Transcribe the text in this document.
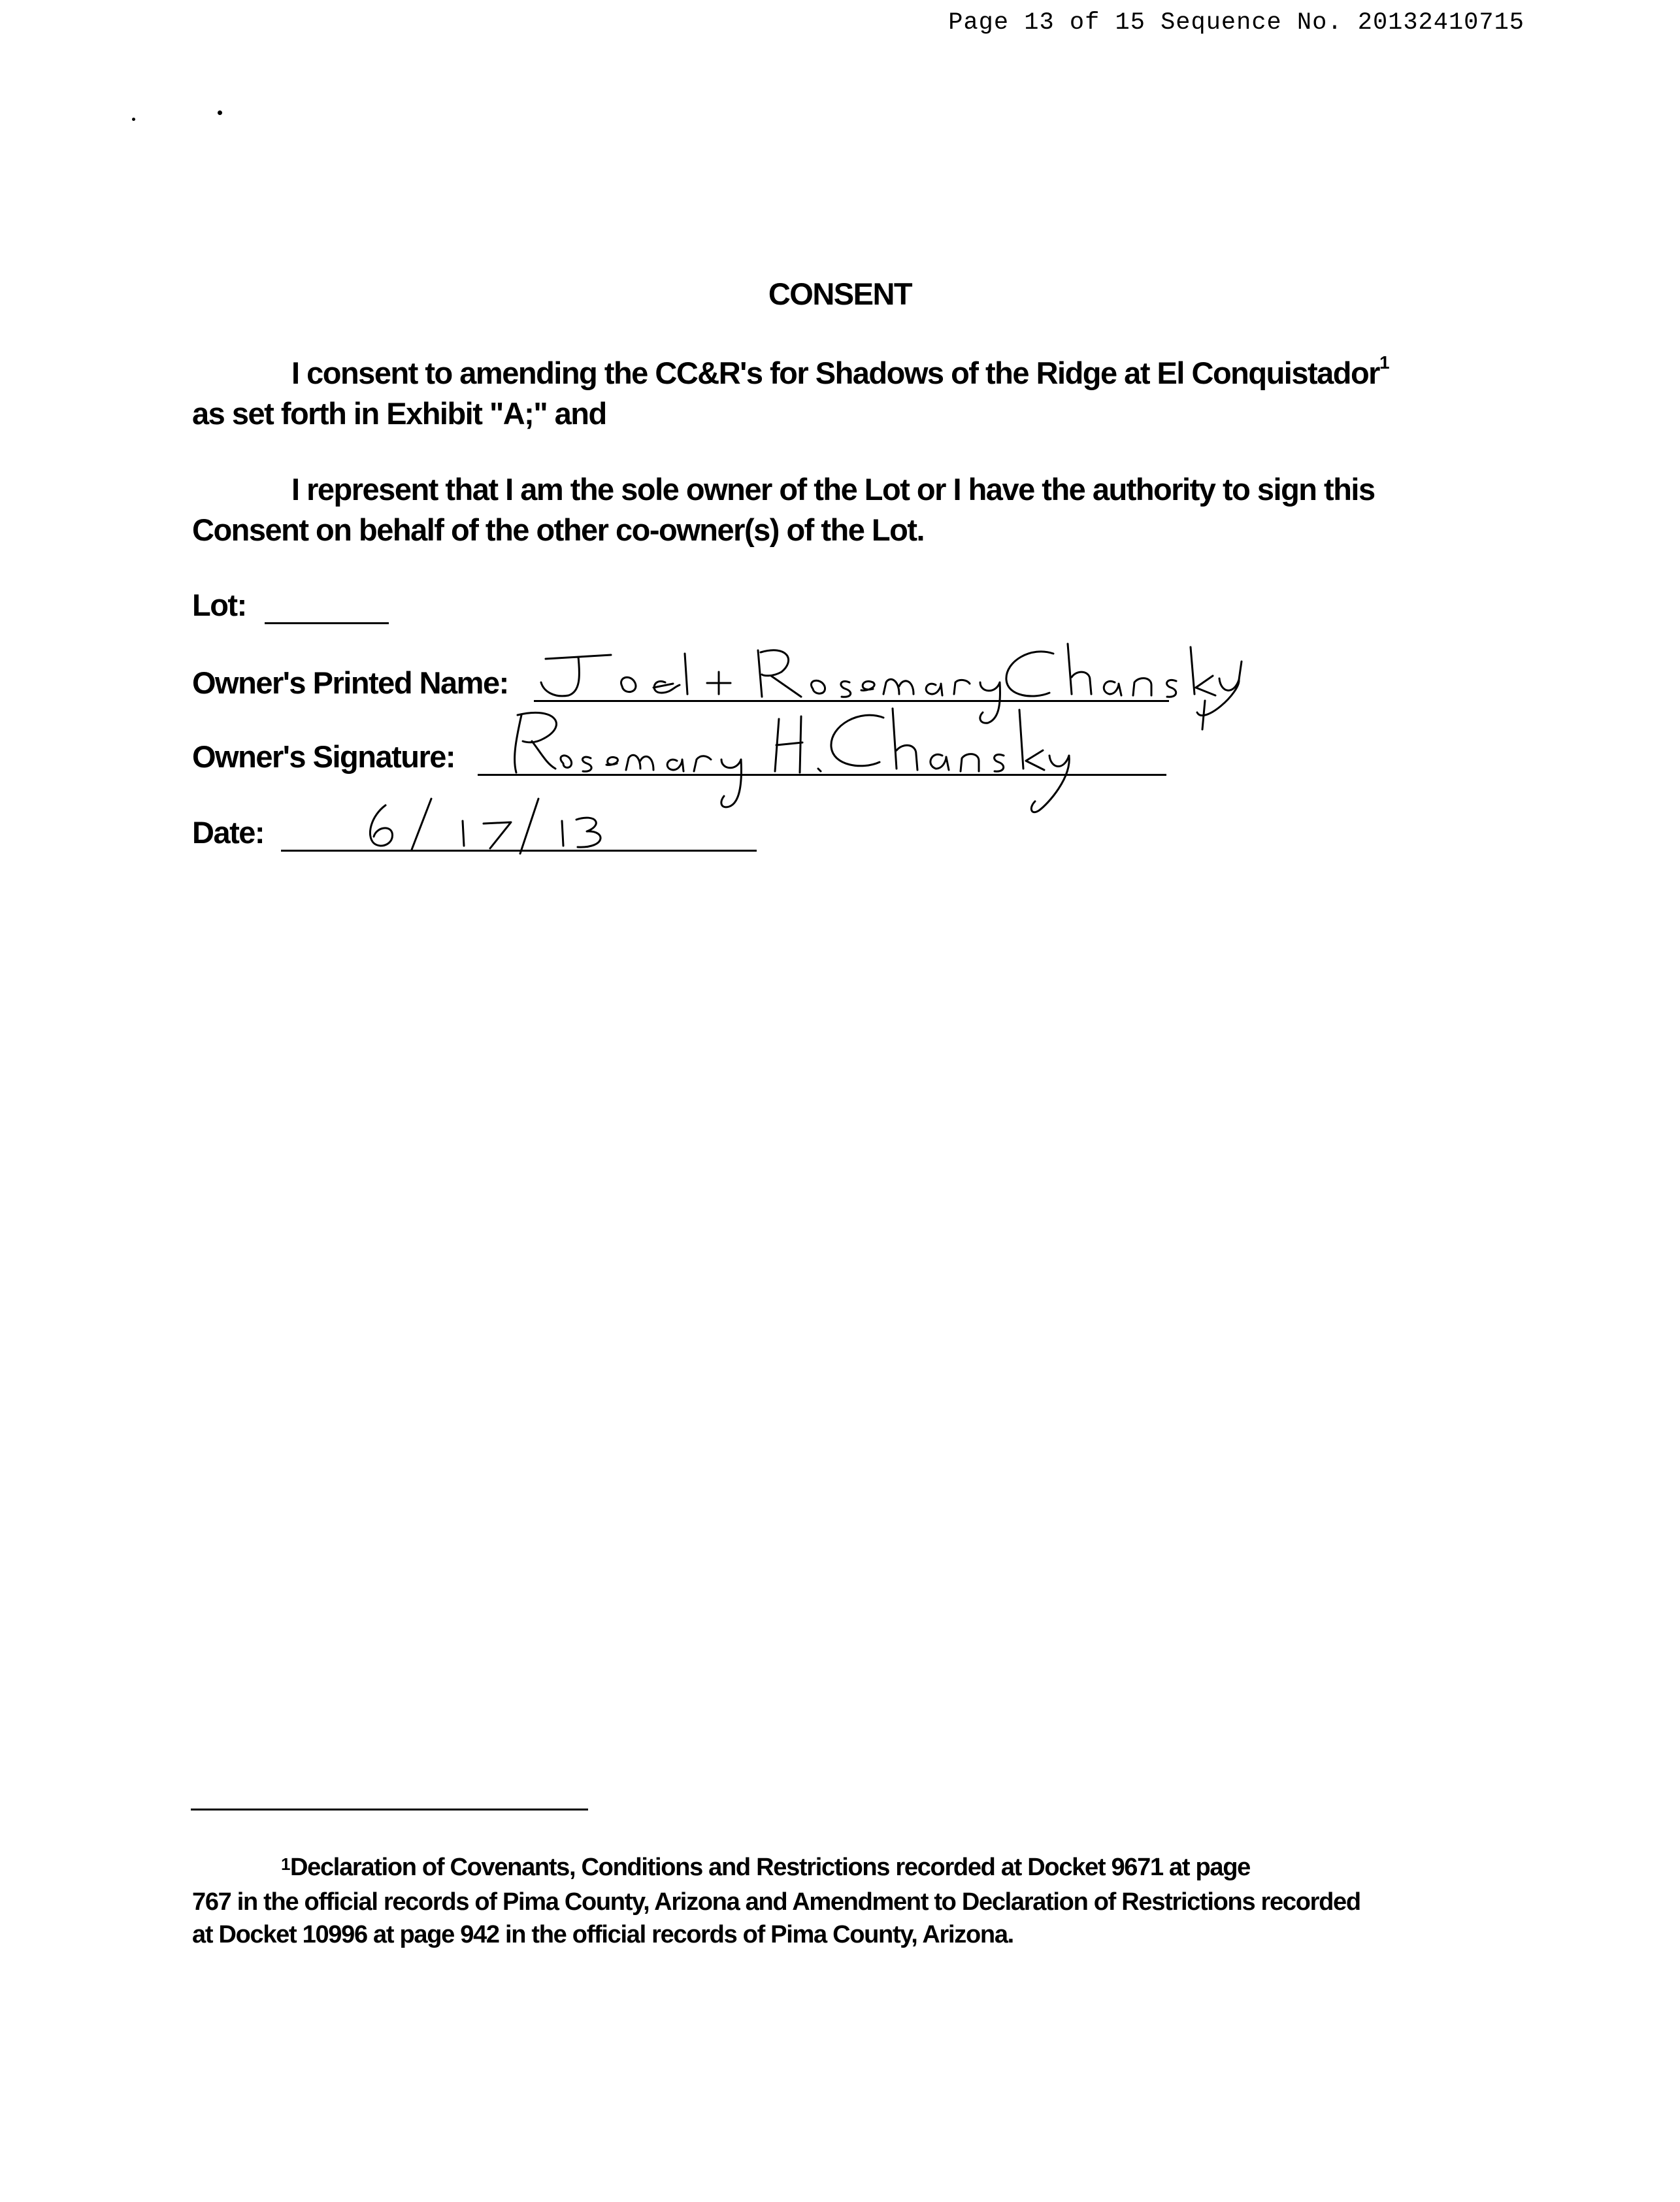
Page 13 of 15 Sequence No. 20132410715
CONSENT
I consent to amending the CC&R's for Shadows of the Ridge at El Conquistador$^1$
as set forth in Exhibit "A;" and
I represent that I am the sole owner of the Lot or I have the authority to sign this
Consent on behalf of the other co-owner(s) of the Lot.
Lot:
Owner's Printed Name:
Owner's Signature:
Date:
1Declaration of Covenants, Conditions and Restrictions recorded at Docket 9671 at page
767 in the official records of Pima County, Arizona and Amendment to Declaration of Restrictions recorded
at Docket 10996 at page 942 in the official records of Pima County, Arizona.
